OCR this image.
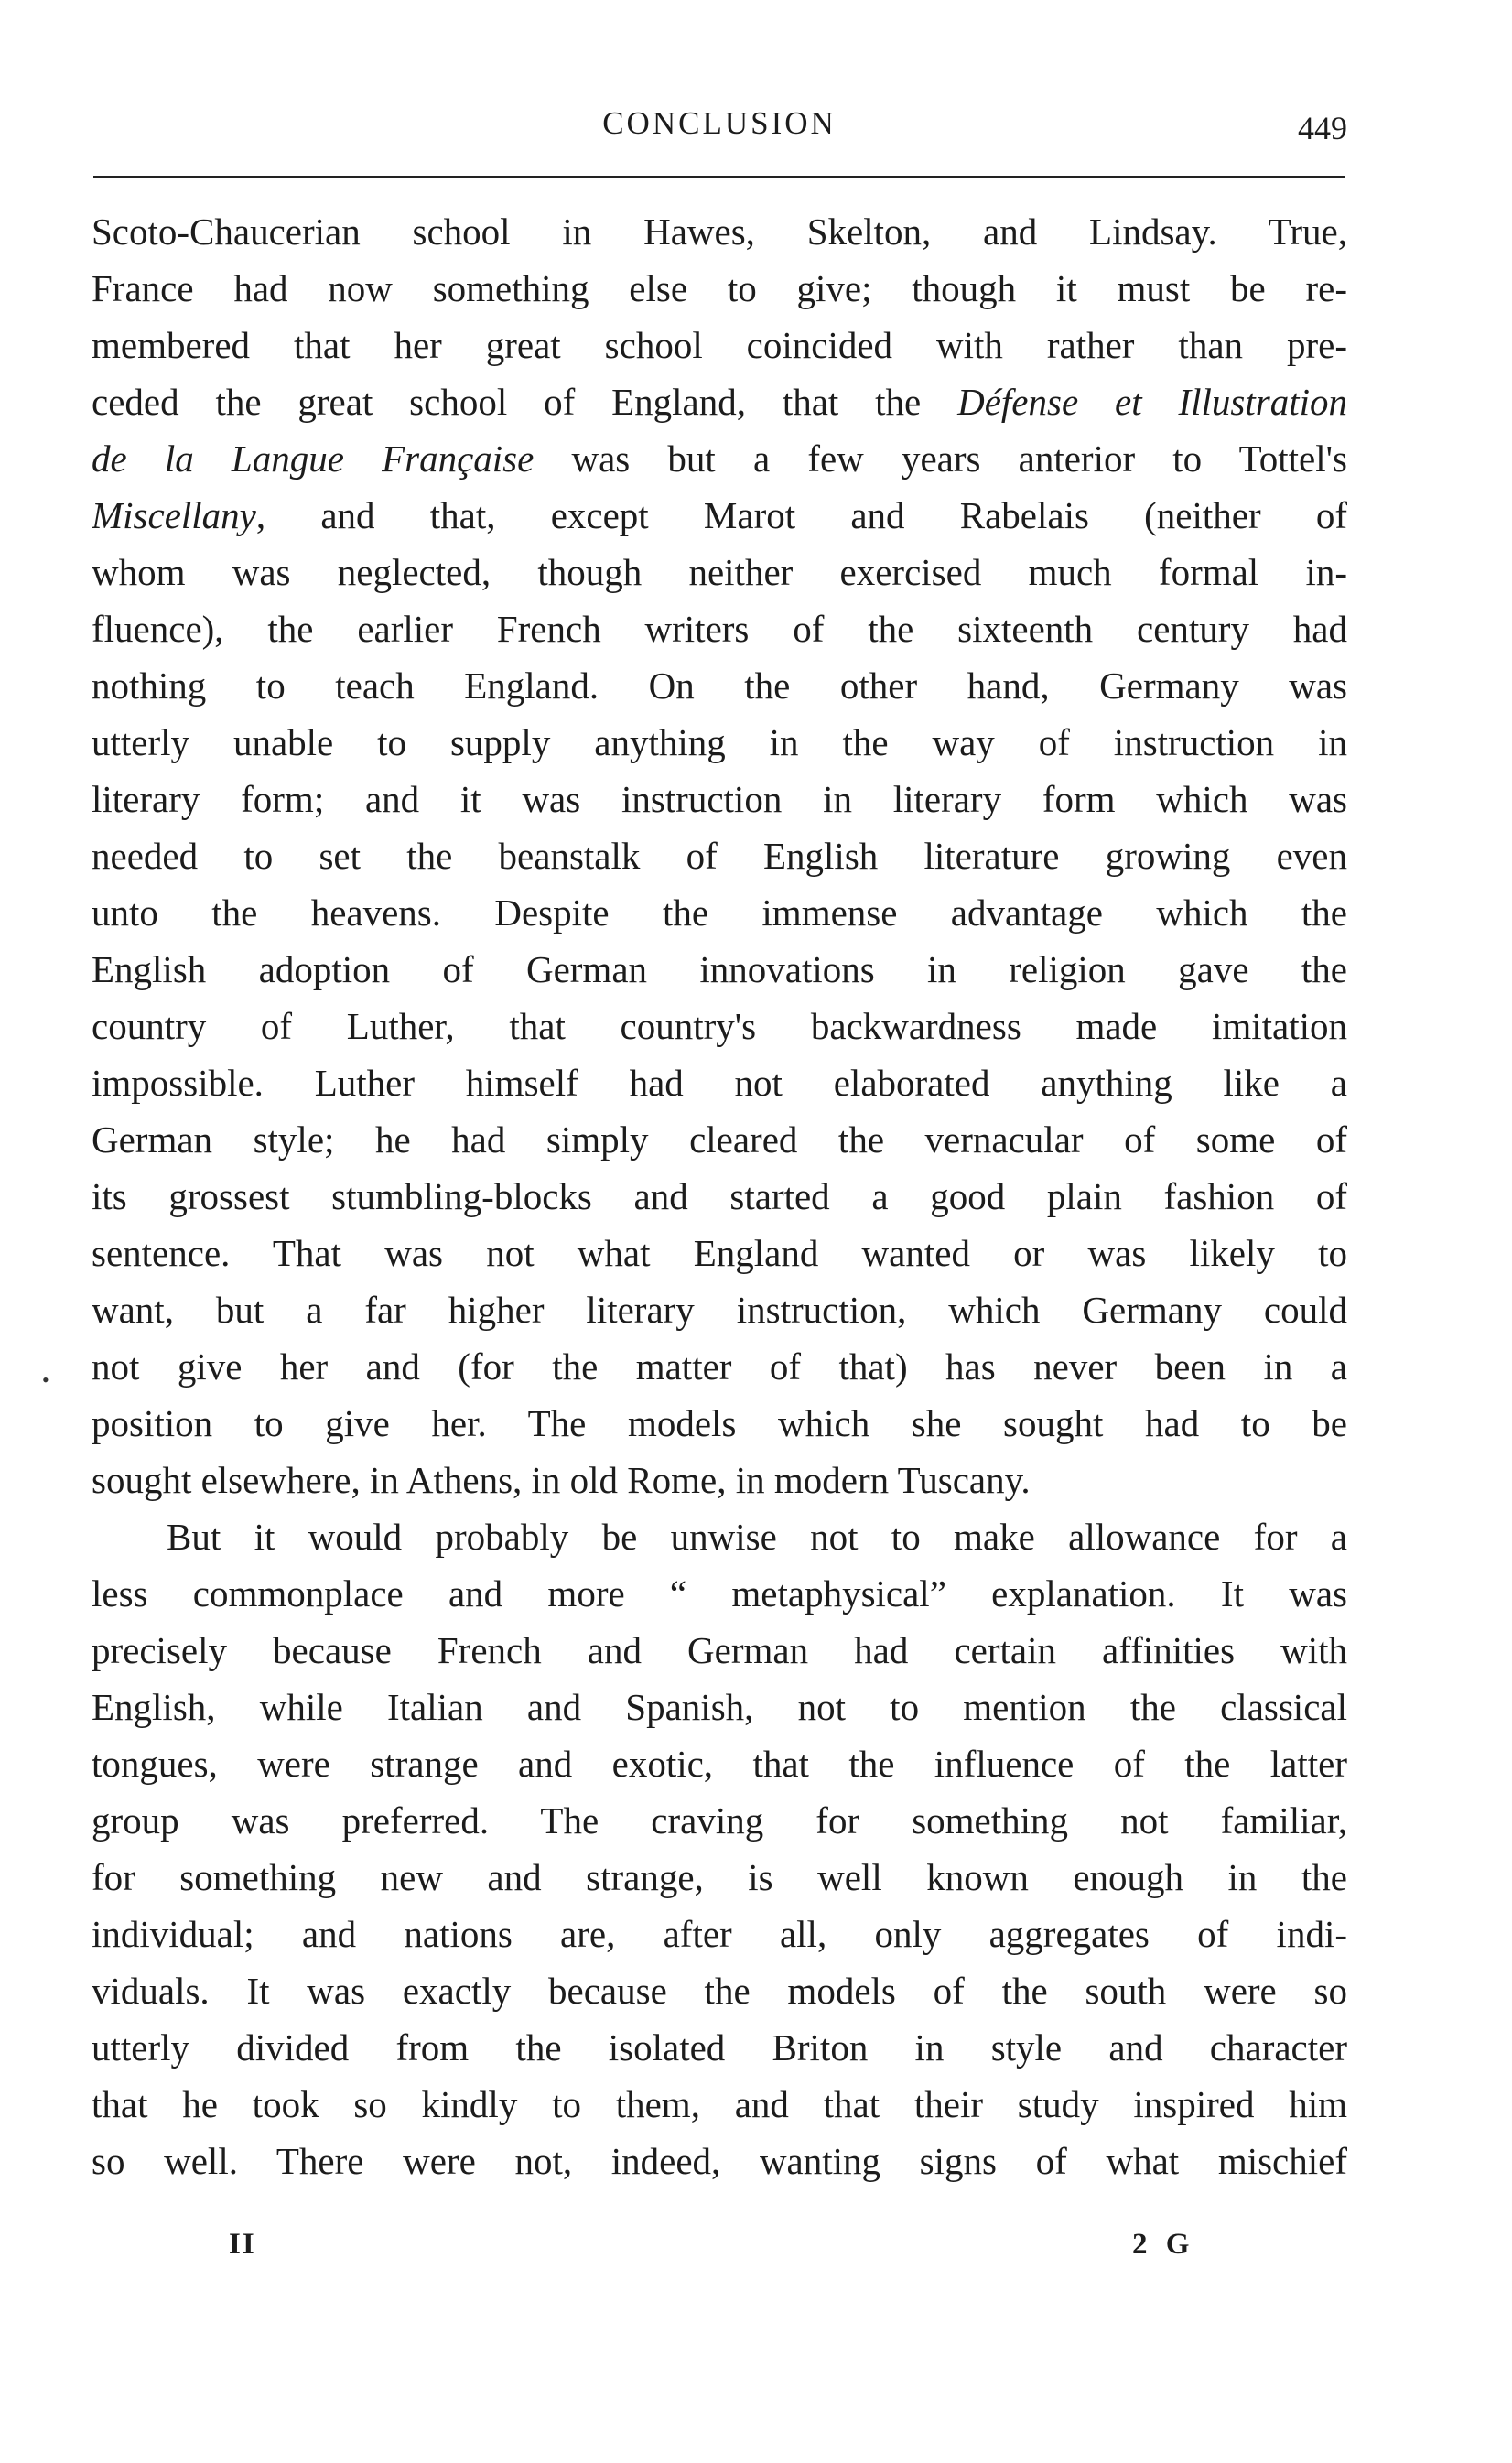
CONCLUSION	449
Scoto-Chaucerian school in Hawes, Skelton, and Lindsay. True,
France had now something else to give; though it must be re-
membered that her great school coincided with rather than pre-
ceded the great school of England, that the Défense et Illustration
de la Langue Française was but a few years anterior to Tottel's
Miscellany, and that, except Marot and Rabelais (neither of
whom was neglected, though neither exercised much formal in-
fluence), the earlier French writers of the sixteenth century had
nothing to teach England. On the other hand, Germany was
utterly unable to supply anything in the way of instruction in
literary form; and it was instruction in literary form which was
needed to set the beanstalk of English literature growing even
unto the heavens. Despite the immense advantage which the
English adoption of German innovations in religion gave the
country of Luther, that country's backwardness made imitation
impossible. Luther himself had not elaborated anything like a
German style; he had simply cleared the vernacular of some of
its grossest stumbling-blocks and started a good plain fashion of
sentence. That was not what England wanted or was likely to
want, but a far higher literary instruction, which Germany could
not give her and (for the matter of that) has never been in a
position to give her. The models which she sought had to be
sought elsewhere, in Athens, in old Rome, in modern Tuscany.
But it would probably be unwise not to make allowance for a
less commonplace and more “ metaphysical” explanation. It was
precisely because French and German had certain affinities with
English, while Italian and Spanish, not to mention the classical
tongues, were strange and exotic, that the influence of the latter
group was preferred. The craving for something not familiar,
for something new and strange, is well known enough in the
individual; and nations are, after all, only aggregates of indi-
viduals. It was exactly because the models of the south were so
utterly divided from the isolated Briton in style and character
that he took so kindly to them, and that their study inspired him
so well. There were not, indeed, wanting signs of what mischief
•
II	2 G
